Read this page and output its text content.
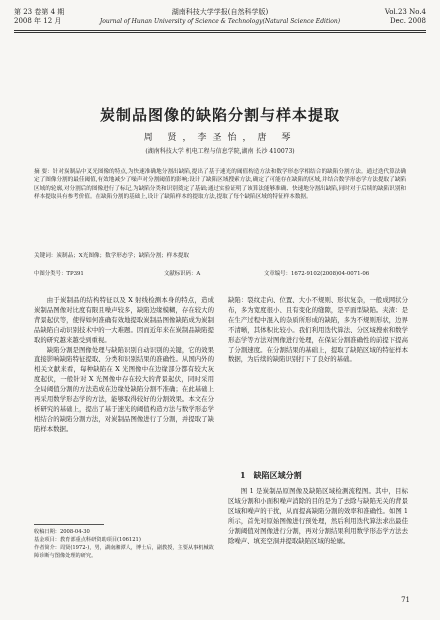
第 23 卷第 4 期
2008 年 12 月
湖南科技大学学报(自然科学版)
Journal of Hunan University of Science & Technology(Natural Science Edition)
Vol.23 No.4
Dec. 2008
炭制品图像的缺陷分割与样本提取
周 贤，李圣怡，唐 琴
(湖南科技大学 机电工程与信息学院,湖南 长沙 410073)
摘 要：针对炭制品中叉光图像的特点,为快速准确地分割出缺陷,提出了基于速光的阈值构造方法和数学形态学相结合的缺陷分割方法。通过迭代算法确定了图像分割的最佳阈值,有效地减少了噪声对分割阈值的影响;设计了缺陷区域搜索方法,确定了可能存在缺陷的区域,并结合数学形态学方法提取了缺陷区域的轮廓,对分割后的图像进行了标记,为缺陷分类和识别奠定了基础;通过实验证明了该算法能够准确、快速地分割出缺陷,同时对于后续的缺陷识别和样本提取具有参考价值。在缺陷分割的基础上,设计了缺陷样本的提取方法,提取了每个缺陷区域的特征样本数据。
关键词：炭制品；X光图像；数学形态学；缺陷分割；样本提取
中图分类号：TP391	文献标识码：A	文章编号：1672-9102(2008)04-0071-06

由于炭制品的结构特征以及 X 射线检测本身的特点，造成炭制品图像对比度有限且噪声较多，缺陷边缘模糊，存在较大的背景起伏等，使得如何准确有效地提取炭制品图像缺陷成为炭制品缺陷自动识别技术中的一大难题。因而近年来在炭制品缺陷提取的研究越来越受到重视。

缺陷分割是图像处理与缺陷识别自动识别的关键，它的效果直接影响缺陷特征提取、分类和识别结果的准确性。从国内外的相关文献来看，每种缺陷在 X 光图像中在边缘部分都有较大灰度起伏，一般针对 X 光图像中存在较大的背景起伏，同时采用全局阈值分割的方法造成在边缘处缺陷分割不准确；在此基础上再采用数学形态学的方法，能够取得较好的分割效果。本文在分析研究的基础上，提出了基于速光的阈值构造方法与数学形态学相结合的缺陷分割方法，对炭制品图像进行了分割，并提取了缺陷样本数据。

缺陷：裂纹走向、位置、大小不规则、形状复杂，一般成网状分布，多为宽度很小、且有变化的缝隙，是平面型缺陷。夹渣：是在生产过程中混入的杂质所形成的缺陷，多为不规则形状，边界不清晰，其体积比较小。我们利用迭代算法、分区域搜索和数学形态学等方法对图像进行处理，在保证分割准确性的前提下提高了分割速度。在分割结果的基础上，提取了缺陷区域的特征样本数据，为后续的缺陷识别打下了良好的基础。

1 缺陷区域分割

图 1 是炭制品原图像及缺陷区域检测流程图。其中，目标区域分割和小面积噪声消除的目的是为了去除与缺陷无关的背景区域和噪声的干扰，从而提高缺陷分割的效率和准确性。如图 1 所示，首先对原始图像进行预处理，然后利用迭代算法求出最佳分割阈值对图像进行分割，再对分割结果利用数学形态学方法去除噪声、填充空洞并提取缺陷区域的轮廓。

收稿日期：2008-04-30
基金项目：教育部重点科研资助项目(106121)
作者简介：周贤(1972-)，男，湖南湘潭人，博士后，副教授，主要从事机械故障诊断与图像处理的研究。
71
